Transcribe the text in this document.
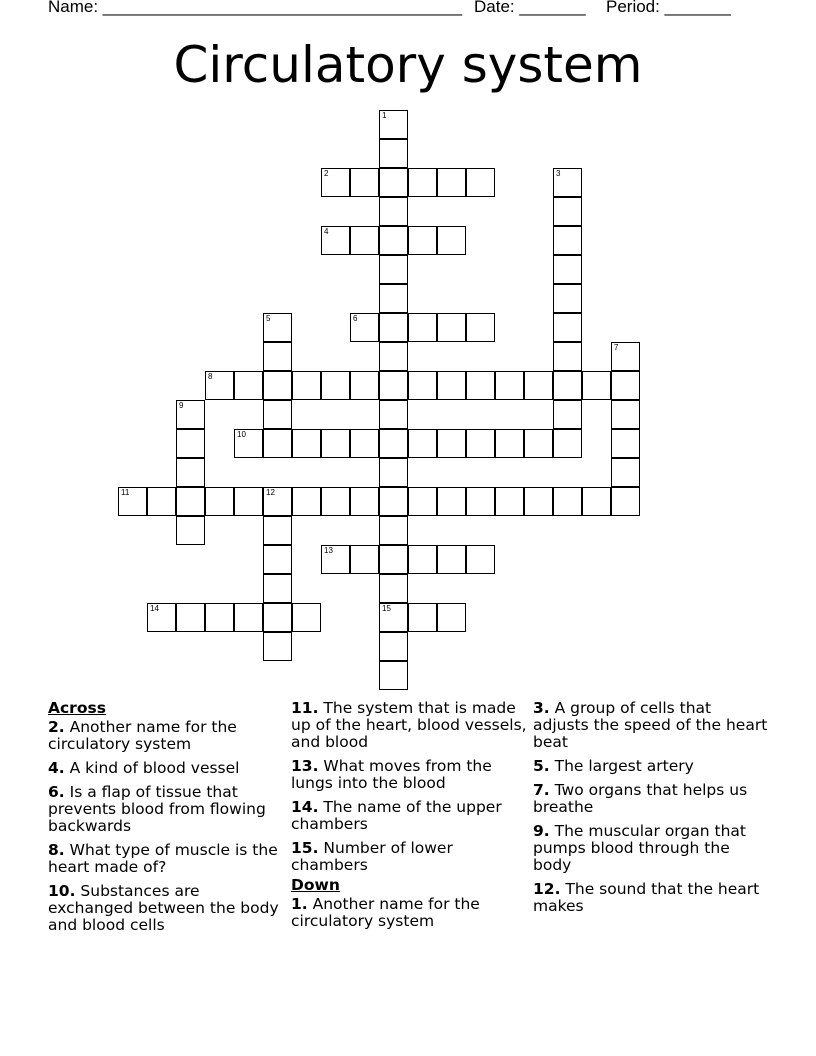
Name: ______________________________________ Date: _______ Period: _______
Circulatory system
1
15
2	3
4
5	6
7
8
9
10
11	12
13
14
Across
2. Another name for the circulatory system
4. A kind of blood vessel
6. Is a flap of tissue that prevents blood from flowing backwards
8. What type of muscle is the heart made of?
10. Substances are exchanged between the body and blood cells
11. The system that is made up of the heart, blood vessels, and blood
13. What moves from the lungs into the blood
14. The name of the upper chambers
15. Number of lower chambers
Down
1. Another name for the circulatory system
3. A group of cells that adjusts the speed of the heart beat
5. The largest artery
7. Two organs that helps us breathe
9. The muscular organ that pumps blood through the body
12. The sound that the heart makes
